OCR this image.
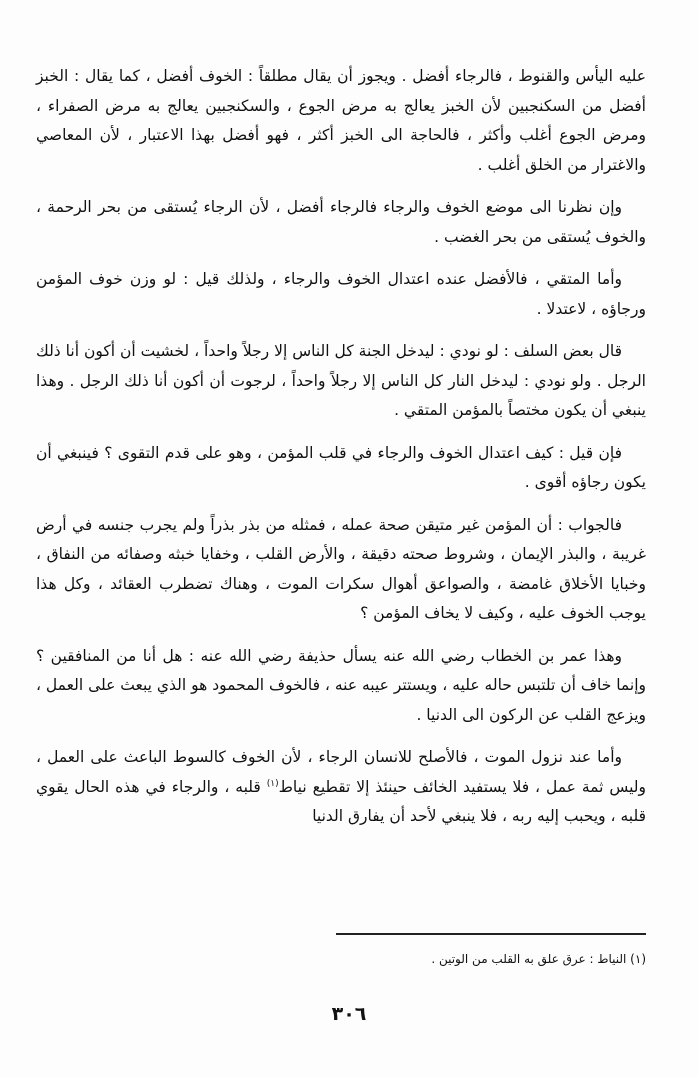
عليه اليأس والقنوط ، فالرجاء أفضل . ويجوز أن يقال مطلقاً : الخوف أفضل ، كما يقال : الخبز أفضل من السكنجبين لأن الخبز يعالج به مرض الجوع ، والسكنجبين يعالج به مرض الصفراء ، ومرض الجوع أغلب وأكثر ، فالحاجة الى الخبز أكثر ، فهو أفضل بهذا الاعتبار ، لأن المعاصي والاغترار من الخلق أغلب .

وإن نظرنا الى موضع الخوف والرجاء فالرجاء أفضل ، لأن الرجاء يُستقى من بحر الرحمة ، والخوف يُستقى من بحر الغضب .

وأما المتقي ، فالأفضل عنده اعتدال الخوف والرجاء ، ولذلك قيل : لو وزن خوف المؤمن ورجاؤه ، لاعتدلا .

قال بعض السلف : لو نودي : ليدخل الجنة كل الناس إلا رجلاً واحداً ، لخشيت أن أكون أنا ذلك الرجل . ولو نودي : ليدخل النار كل الناس إلا رجلاً واحداً ، لرجوت أن أكون أنا ذلك الرجل . وهذا ينبغي أن يكون مختصاً بالمؤمن المتقي .

فإن قيل : كيف اعتدال الخوف والرجاء في قلب المؤمن ، وهو على قدم التقوى ؟ فينبغي أن يكون رجاؤه أقوى .

فالجواب : أن المؤمن غير متيقن صحة عمله ، فمثله من بذر بذراً ولم يجرب جنسه في أرض غريبة ، والبذر الإيمان ، وشروط صحته دقيقة ، والأرض القلب ، وخفايا خبثه وصفائه من النفاق ، وخبايا الأخلاق غامضة ، والصواعق أهوال سكرات الموت ، وهناك تضطرب العقائد ، وكل هذا يوجب الخوف عليه ، وكيف لا يخاف المؤمن ؟

وهذا عمر بن الخطاب رضي الله عنه يسأل حذيفة رضي الله عنه : هل أنا من المنافقين ؟ وإنما خاف أن تلتبس حاله عليه ، ويستتر عيبه عنه ، فالخوف المحمود هو الذي يبعث على العمل ، ويزعج القلب عن الركون الى الدنيا .

وأما عند نزول الموت ، فالأصلح للانسان الرجاء ، لأن الخوف كالسوط الباعث على العمل ، وليس ثمة عمل ، فلا يستفيد الخائف حينئذ إلا تقطيع نياط$^{(١)}$ قلبه ، والرجاء في هذه الحال يقوي قلبه ، ويحبب إليه ربه ، فلا ينبغي لأحد أن يفارق الدنيا

(١) النياط : عرق علق به القلب من الوتين .

٣٠٦
